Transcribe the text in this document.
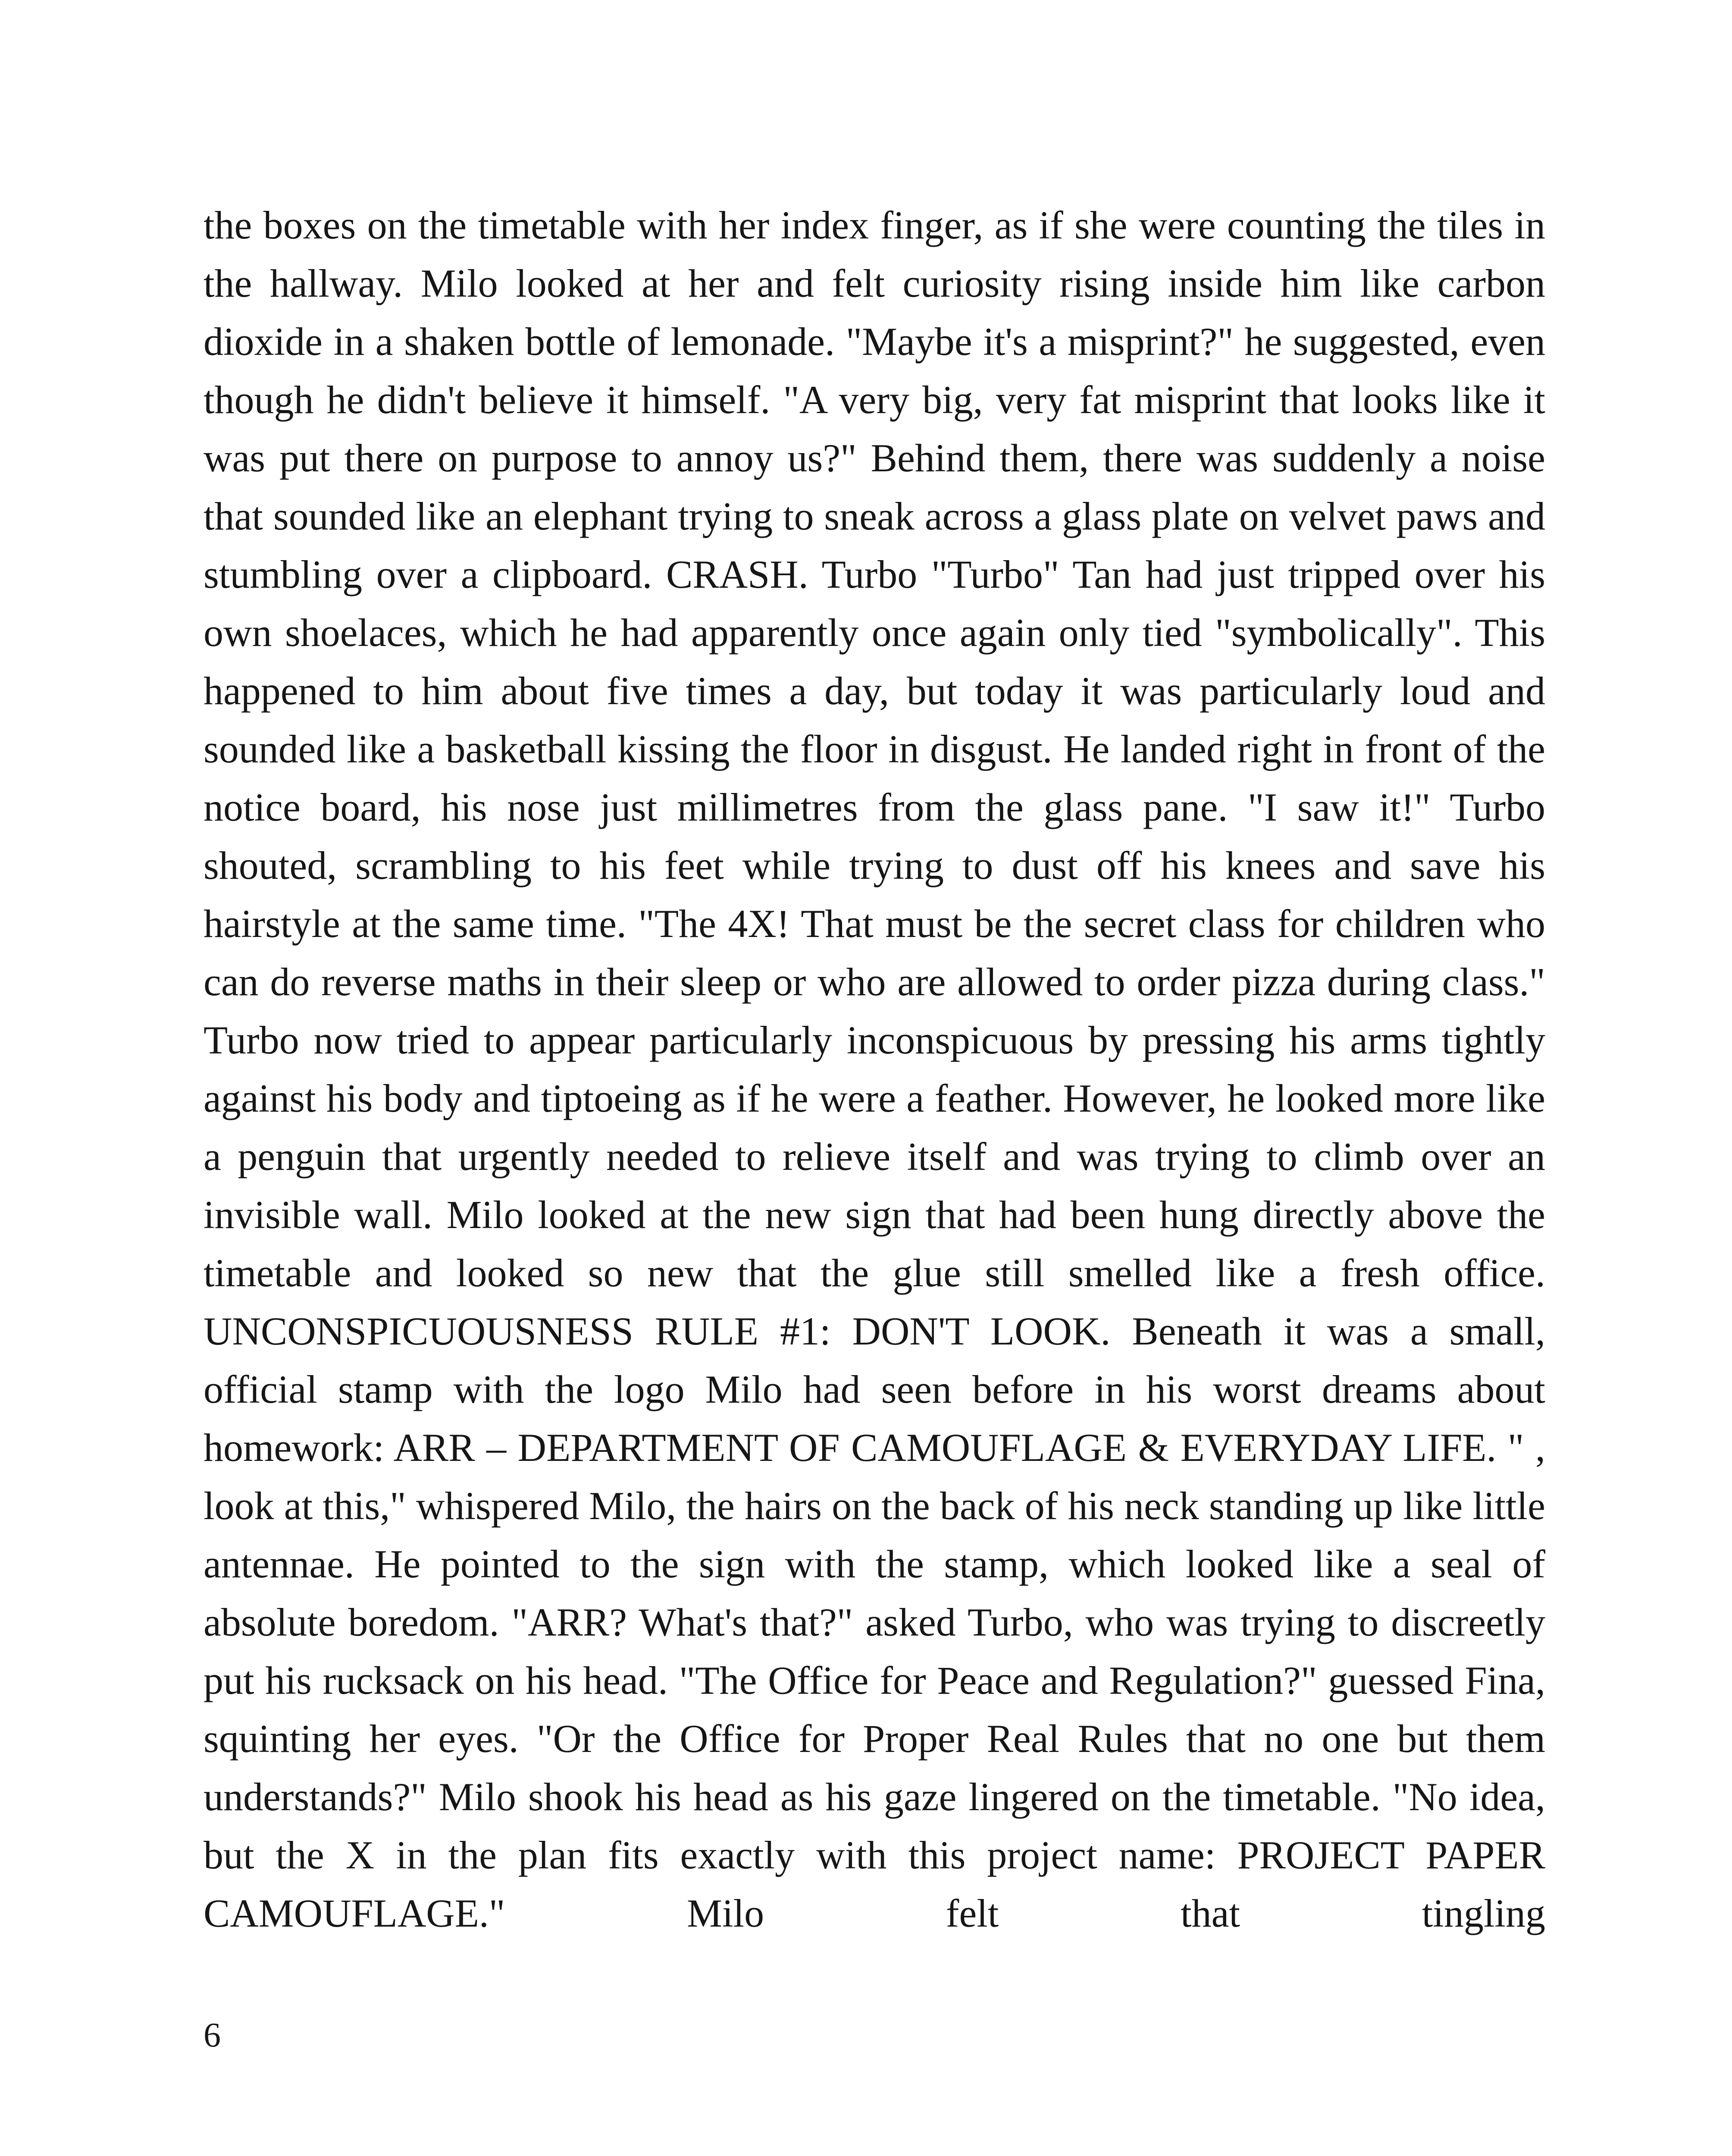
the boxes on the timetable with her index finger, as if she were counting the tiles in the hallway. Milo looked at her and felt curiosity rising inside him like carbon dioxide in a shaken bottle of lemonade. "Maybe it's a misprint?" he suggested, even though he didn't believe it himself. "A very big, very fat misprint that looks like it was put there on purpose to annoy us?" Behind them, there was suddenly a noise that sounded like an elephant trying to sneak across a glass plate on velvet paws and stumbling over a clipboard. CRASH. Turbo "Turbo" Tan had just tripped over his own shoelaces, which he had apparently once again only tied "symbolically". This happened to him about five times a day, but today it was particularly loud and sounded like a basketball kissing the floor in disgust. He landed right in front of the notice board, his nose just millimetres from the glass pane. "I saw it!" Turbo shouted, scrambling to his feet while trying to dust off his knees and save his hairstyle at the same time. "The 4X! That must be the secret class for children who can do reverse maths in their sleep or who are allowed to order pizza during class." Turbo now tried to appear particularly inconspicuous by pressing his arms tightly against his body and tiptoeing as if he were a feather. However, he looked more like a penguin that urgently needed to relieve itself and was trying to climb over an invisible wall. Milo looked at the new sign that had been hung directly above the timetable and looked so new that the glue still smelled like a fresh office. UNCONSPICUOUSNESS RULE #1: DON'T LOOK. Beneath it was a small, official stamp with the logo Milo had seen before in his worst dreams about homework: ARR – DEPARTMENT OF CAMOUFLAGE & EVERYDAY LIFE. " , look at this," whispered Milo, the hairs on the back of his neck standing up like little antennae. He pointed to the sign with the stamp, which looked like a seal of absolute boredom. "ARR? What's that?" asked Turbo, who was trying to discreetly put his rucksack on his head. "The Office for Peace and Regulation?" guessed Fina, squinting her eyes. "Or the Office for Proper Real Rules that no one but them understands?" Milo shook his head as his gaze lingered on the timetable. "No idea, but the X in the plan fits exactly with this project name: PROJECT PAPER CAMOUFLAGE." Milo felt that tingling

6
